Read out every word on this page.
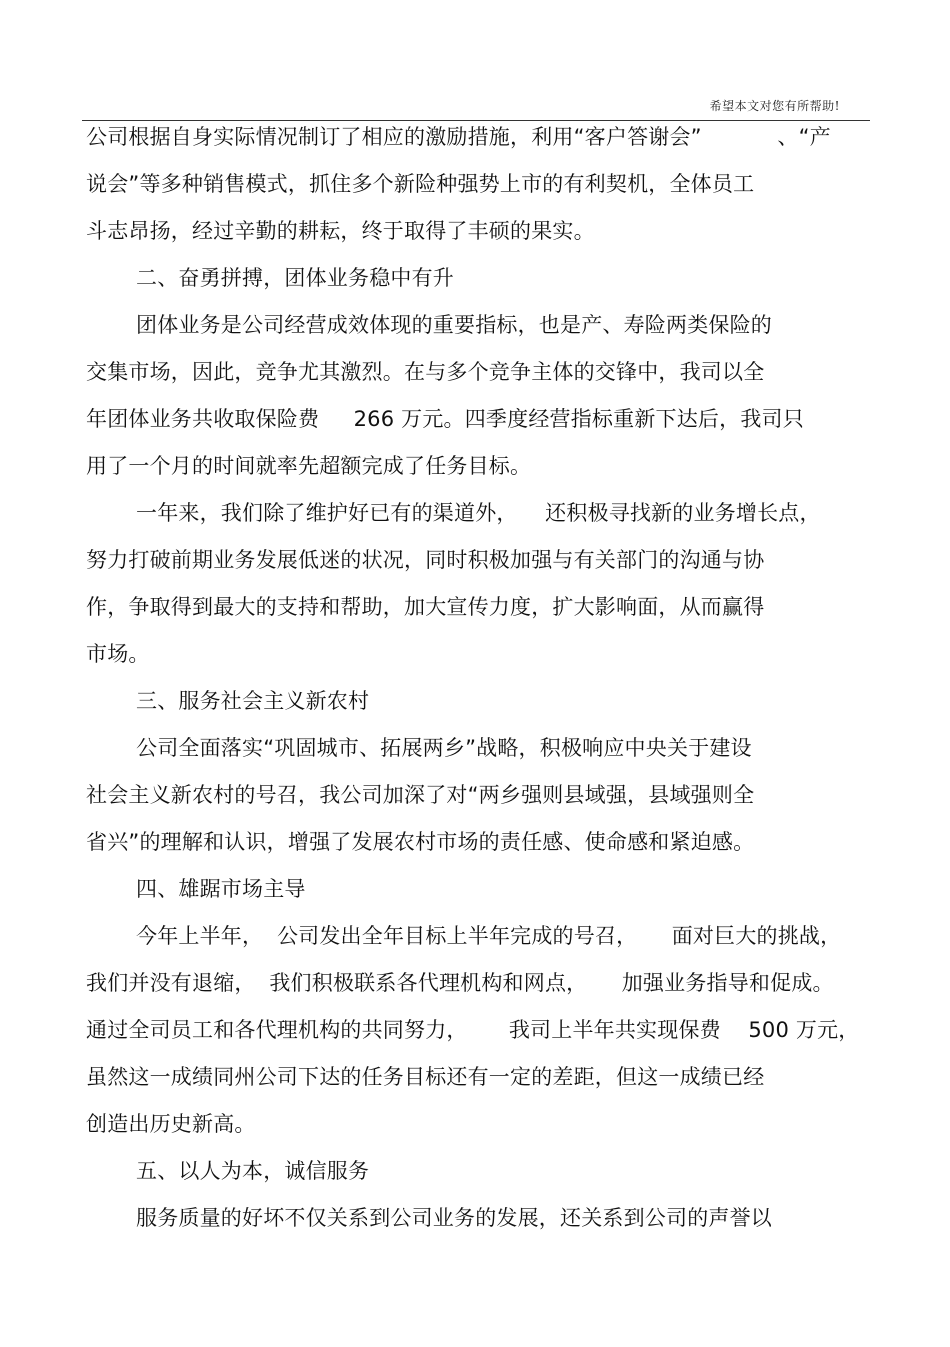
希望本文对您有所帮助!
公司根据自身实际情况制订了相应的激励措施，利用“客户答谢会”           、“产
说会”等多种销售模式，抓住多个新险种强势上市的有利契机，全体员工
斗志昂扬，经过辛勤的耕耘，终于取得了丰硕的果实。
二、奋勇拼搏，团体业务稳中有升
团体业务是公司经营成效体现的重要指标，也是产、寿险两类保险的
交集市场，因此，竞争尤其激烈。在与多个竞争主体的交锋中，我司以全
年团体业务共收取保险费     266 万元。四季度经营指标重新下达后，我司只
用了一个月的时间就率先超额完成了任务目标。
一年来，我们除了维护好已有的渠道外，    还积极寻找新的业务增长点，
努力打破前期业务发展低迷的状况，同时积极加强与有关部门的沟通与协
作，争取得到最大的支持和帮助，加大宣传力度，扩大影响面，从而赢得
市场。
三、服务社会主义新农村
公司全面落实“巩固城市、拓展两乡”战略，积极响应中央关于建设
社会主义新农村的号召，我公司加深了对“两乡强则县域强，县域强则全
省兴”的理解和认识，增强了发展农村市场的责任感、使命感和紧迫感。
四、雄踞市场主导
今年上半年，  公司发出全年目标上半年完成的号召，     面对巨大的挑战，
我们并没有退缩，  我们积极联系各代理机构和网点，     加强业务指导和促成。
通过全司员工和各代理机构的共同努力，      我司上半年共实现保费    500 万元，
虽然这一成绩同州公司下达的任务目标还有一定的差距，但这一成绩已经
创造出历史新高。
五、以人为本，诚信服务
服务质量的好坏不仅关系到公司业务的发展，还关系到公司的声誉以
